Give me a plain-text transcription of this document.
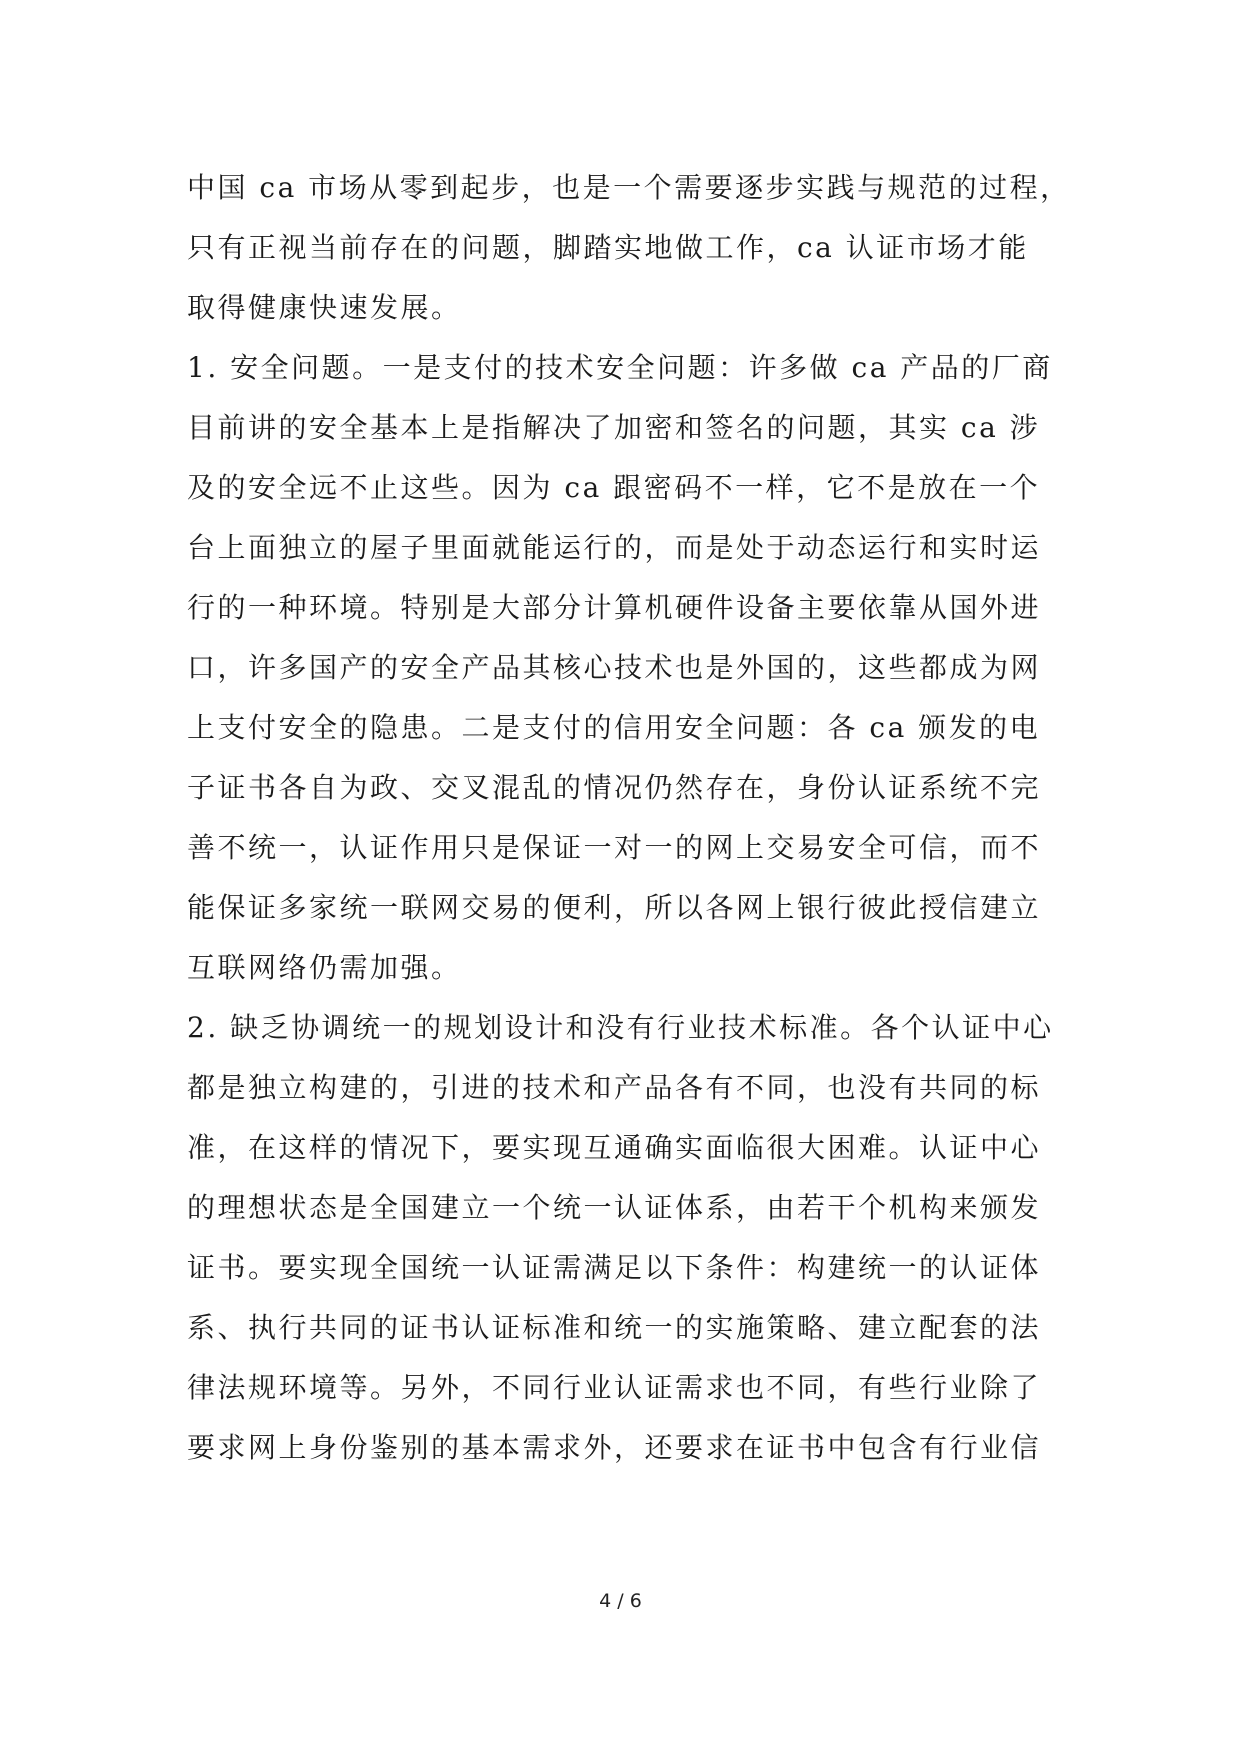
中国 ca 市场从零到起步，也是一个需要逐步实践与规范的过程，
只有正视当前存在的问题，脚踏实地做工作，ca 认证市场才能
取得健康快速发展。
1. 安全问题。一是支付的技术安全问题：许多做 ca 产品的厂商
目前讲的安全基本上是指解决了加密和签名的问题，其实 ca 涉
及的安全远不止这些。因为 ca 跟密码不一样，它不是放在一个
台上面独立的屋子里面就能运行的，而是处于动态运行和实时运
行的一种环境。特别是大部分计算机硬件设备主要依靠从国外进
口，许多国产的安全产品其核心技术也是外国的，这些都成为网
上支付安全的隐患。二是支付的信用安全问题：各 ca 颁发的电
子证书各自为政、交叉混乱的情况仍然存在，身份认证系统不完
善不统一，认证作用只是保证一对一的网上交易安全可信，而不
能保证多家统一联网交易的便利，所以各网上银行彼此授信建立
互联网络仍需加强。
2. 缺乏协调统一的规划设计和没有行业技术标准。各个认证中心
都是独立构建的，引进的技术和产品各有不同，也没有共同的标
准，在这样的情况下，要实现互通确实面临很大困难。认证中心
的理想状态是全国建立一个统一认证体系，由若干个机构来颁发
证书。要实现全国统一认证需满足以下条件：构建统一的认证体
系、执行共同的证书认证标准和统一的实施策略、建立配套的法
律法规环境等。另外，不同行业认证需求也不同，有些行业除了
要求网上身份鉴别的基本需求外，还要求在证书中包含有行业信
4 / 6
